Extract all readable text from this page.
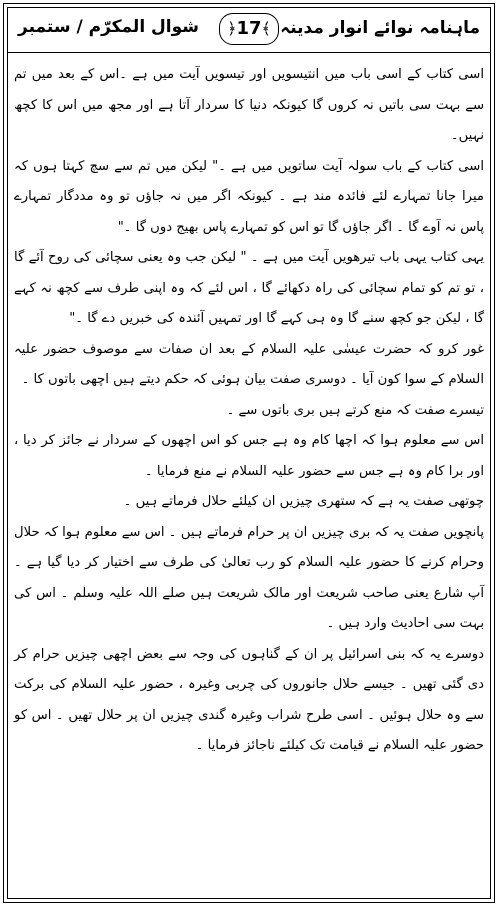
ماہنامہ نوائے انوار مدینہ
﴿17﴾
شوال المکرّم / ستمبر

اسی کتاب کے اسی باب میں انتیسویں اور تیسویں آیت میں ہے ۔اس کے بعد میں تم سے بہت سی باتیں نہ کروں گا کیونکہ دنیا کا سردار آتا ہے اور مجھ میں اس کا کچھ نہیں۔

اسی کتاب کے باب سولہ آیت ساتویں میں ہے ۔" لیکن میں تم سے سچ کہتا ہوں کہ میرا جانا تمہارے لئے فائدہ مند ہے ۔ کیونکہ اگر میں نہ جاؤں تو وہ مددگار تمہارے پاس نہ آوے گا ۔ اگر جاؤں گا تو اس کو تمہارے پاس بھیج دوں گا ۔"

یہی کتاب یہی باب تیرھویں آیت میں ہے ۔ " لیکن جب وہ یعنی سچائی کی روح آئے گا ، تو تم کو تمام سچائی کی راہ دکھائے گا ، اس لئے کہ وہ اپنی طرف سے کچھ نہ کہے گا ، لیکن جو کچھ سنے گا وہ ہی کہے گا اور تمہیں آئندہ کی خبریں دے گا ۔"

غور کرو کہ حضرت عیسٰی علیہ السلام کے بعد ان صفات سے موصوف حضور علیہ السلام کے سوا کون آیا ۔ دوسری صفت بیان ہوئی کہ حکم دیتے ہیں اچھی باتوں کا ۔

تیسرے صفت کہ منع کرتے ہیں بری باتوں سے ۔

اس سے معلوم ہوا کہ اچھا کام وہ ہے جس کو اس اچھوں کے سردار نے جائز کر دیا ، اور برا کام وہ ہے جس سے حضور علیہ السلام نے منع فرمایا ۔

چوتھی صفت یہ ہے کہ ستھری چیزیں ان کیلئے حلال فرماتے ہیں ۔

پانچویں صفت یہ کہ بری چیزیں ان پر حرام فرماتے ہیں ۔ اس سے معلوم ہوا کہ حلال وحرام کرنے کا حضور علیہ السلام کو رب تعالیٰ کی طرف سے اختیار کر دیا گیا ہے ۔ آپ شارع یعنی صاحب شریعت اور مالک شریعت ہیں صلے اللہ علیہ وسلم ۔ اس کی بہت سی احادیث وارد ہیں ۔

دوسرے یہ کہ بنی اسرائیل پر ان کے گناہوں کی وجہ سے بعض اچھی چیزیں حرام کر دی گئی تھیں ۔ جیسے حلال جانوروں کی چربی وغیرہ ، حضور علیہ السلام کی برکت سے وہ حلال ہوئیں ۔ اسی طرح شراب وغیرہ گندی چیزیں ان پر حلال تھیں ۔ اس کو حضور علیہ السلام نے قیامت تک کیلئے ناجائز فرمایا ۔
